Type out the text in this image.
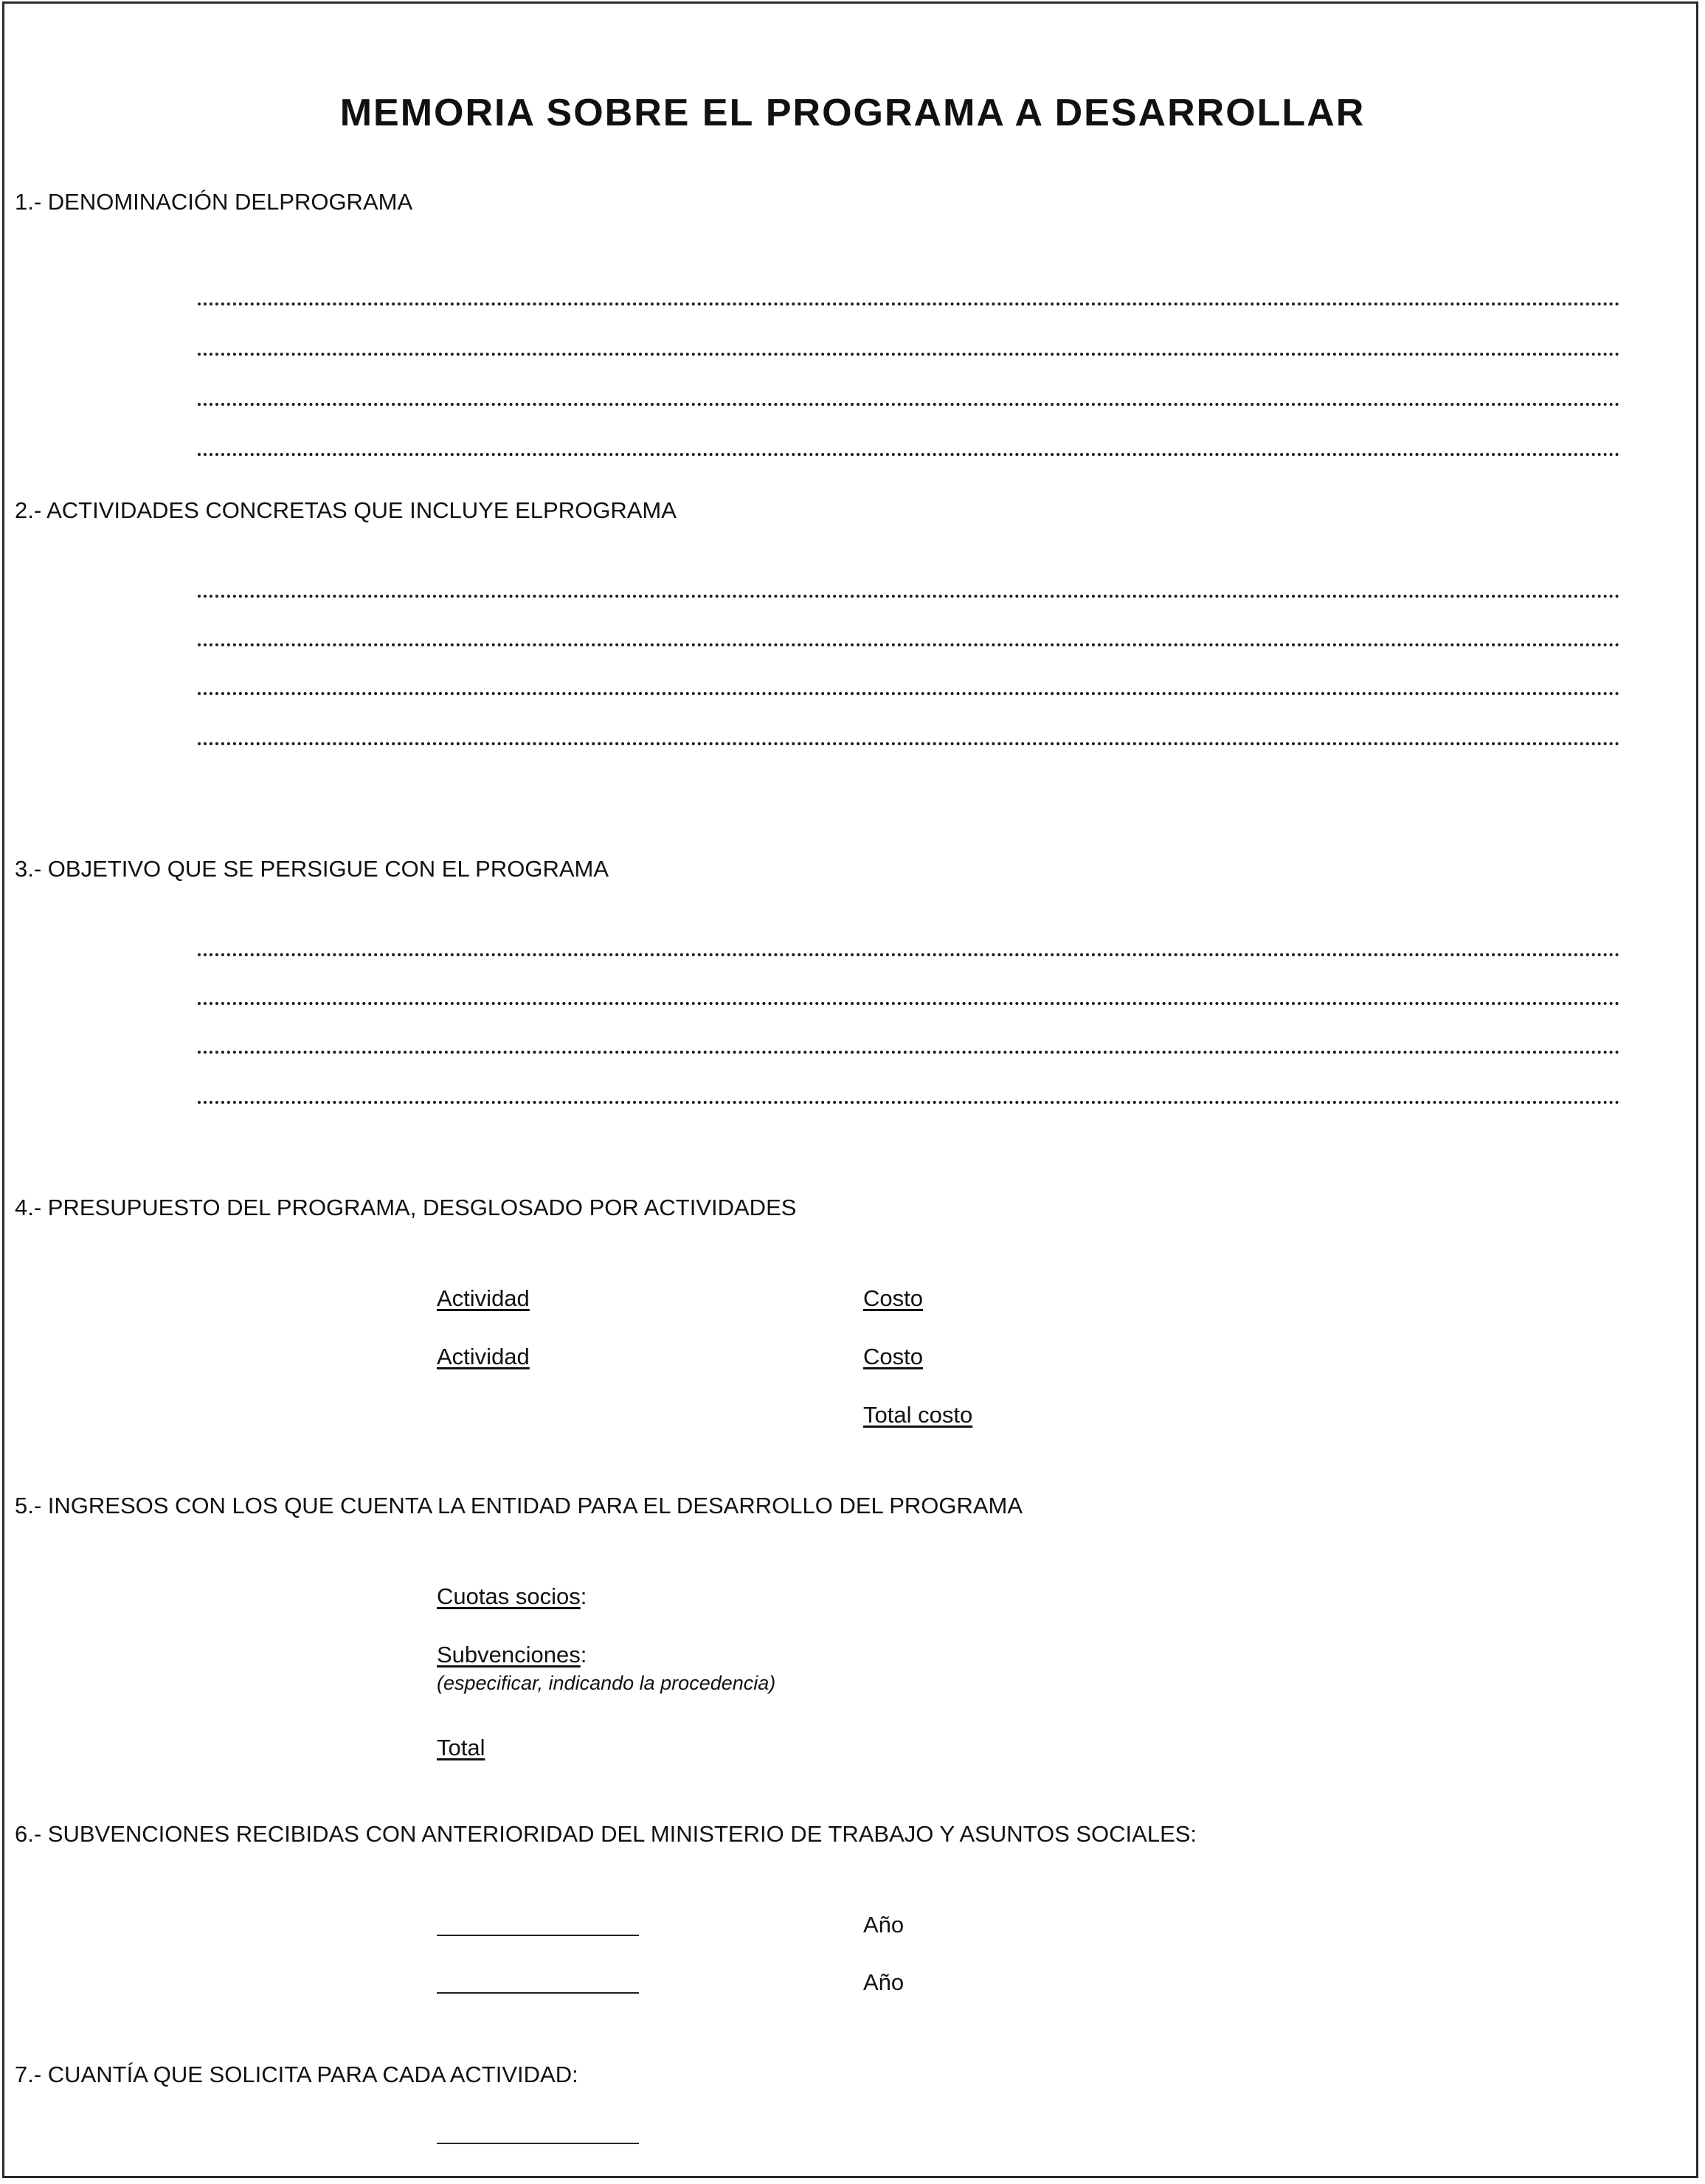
MEMORIA SOBRE EL PROGRAMA A DESARROLLAR
1.- DENOMINACIÓN DELPROGRAMA
2.- ACTIVIDADES CONCRETAS QUE INCLUYE ELPROGRAMA
3.- OBJETIVO QUE SE PERSIGUE CON EL PROGRAMA
4.- PRESUPUESTO DEL PROGRAMA, DESGLOSADO POR ACTIVIDADES
Actividad	Costo
Actividad	Costo
Total costo
5.- INGRESOS CON LOS QUE CUENTA LA ENTIDAD PARA EL DESARROLLO DEL PROGRAMA
Cuotas socios:
Subvenciones:
(especificar, indicando la procedencia)
Total
6.- SUBVENCIONES RECIBIDAS CON ANTERIORIDAD DEL MINISTERIO DE TRABAJO Y ASUNTOS SOCIALES:
Año
Año
7.- CUANTÍA QUE SOLICITA PARA CADA ACTIVIDAD:
